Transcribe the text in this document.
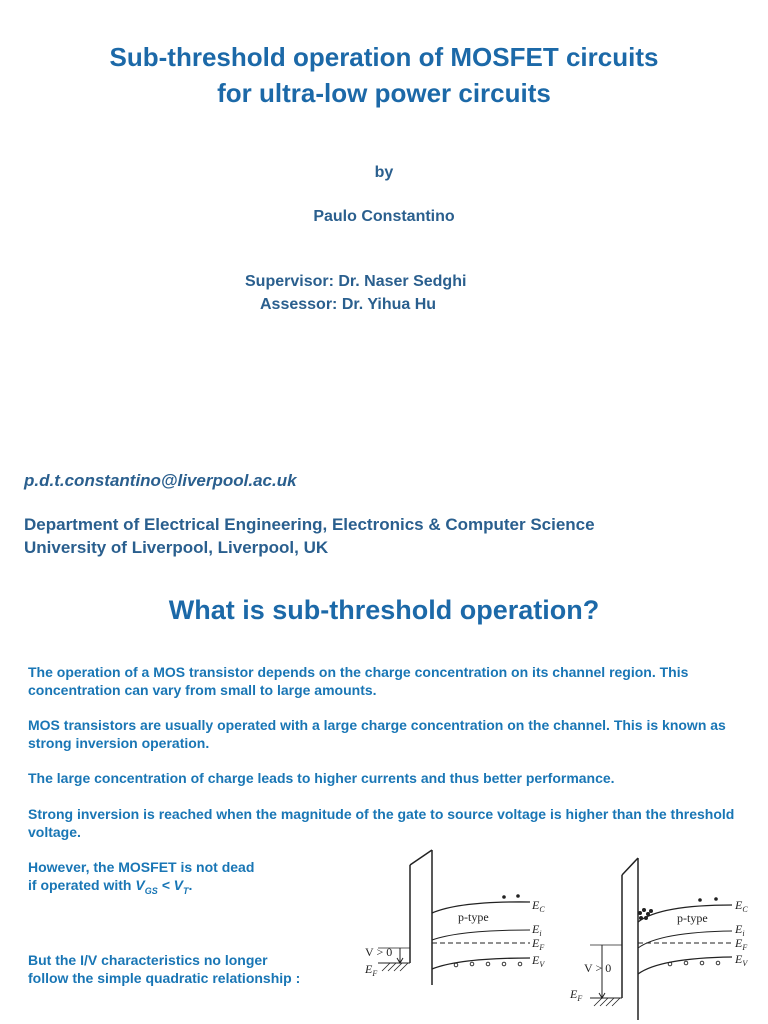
Sub-threshold operation of MOSFET circuits
for ultra-low power circuits
by
Paulo Constantino
Supervisor: Dr. Naser Sedghi
Assessor: Dr. Yihua Hu
p.d.t.constantino@liverpool.ac.uk
Department of Electrical Engineering, Electronics & Computer Science
University of Liverpool, Liverpool, UK
What is sub-threshold operation?
The operation of a MOS transistor depends on the charge concentration on its channel region. This concentration can vary from small to large amounts.
MOS transistors are usually operated with a large charge concentration on the channel. This is known as strong inversion operation.
The large concentration of charge leads to higher currents and thus better performance.
Strong inversion is reached when the magnitude of the gate to source voltage is higher than the threshold voltage.
However, the MOSFET is not dead
if operated with $V_{GS} < V_T$.
But the I/V characteristics no longer
follow the simple quadratic relationship :
V > 0
$E_F$
p-type
$E_C$
$E_i$
$E_F$
$E_V$	V > 0
$E_F$
p-type
$E_C$
$E_i$
$E_F$
$E_V$
